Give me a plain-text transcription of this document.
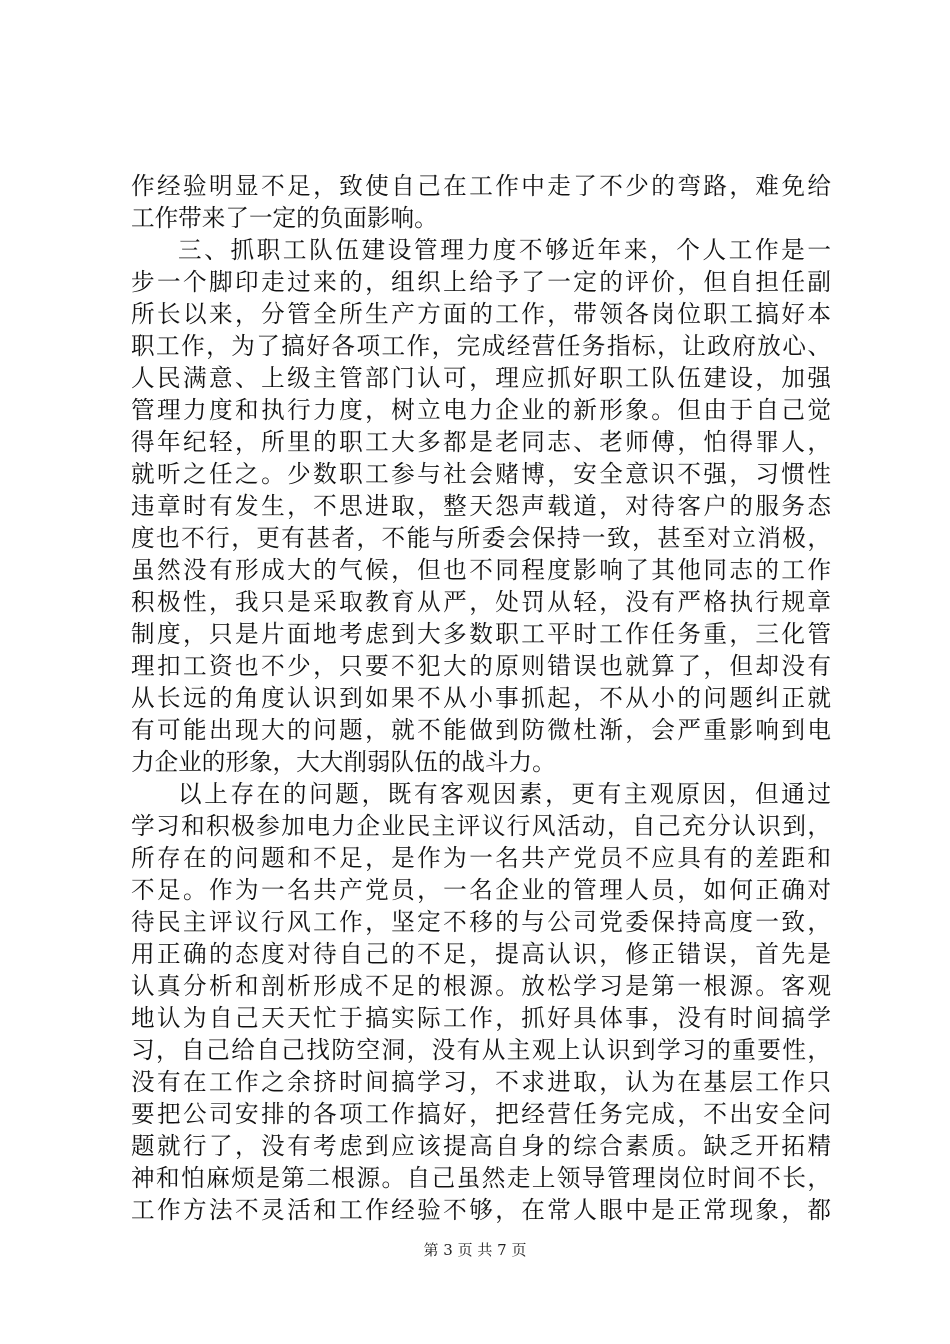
作经验明显不足，致使自己在工作中走了不少的弯路，难免给
工作带来了一定的负面影响。
三、抓职工队伍建设管理力度不够近年来，个人工作是一
步一个脚印走过来的，组织上给予了一定的评价，但自担任副
所长以来，分管全所生产方面的工作，带领各岗位职工搞好本
职工作，为了搞好各项工作，完成经营任务指标，让政府放心、
人民满意、上级主管部门认可，理应抓好职工队伍建设，加强
管理力度和执行力度，树立电力企业的新形象。但由于自己觉
得年纪轻，所里的职工大多都是老同志、老师傅，怕得罪人，
就听之任之。少数职工参与社会赌博，安全意识不强，习惯性
违章时有发生，不思进取，整天怨声载道，对待客户的服务态
度也不行，更有甚者，不能与所委会保持一致，甚至对立消极，
虽然没有形成大的气候，但也不同程度影响了其他同志的工作
积极性，我只是采取教育从严，处罚从轻，没有严格执行规章
制度，只是片面地考虑到大多数职工平时工作任务重，三化管
理扣工资也不少，只要不犯大的原则错误也就算了，但却没有
从长远的角度认识到如果不从小事抓起，不从小的问题纠正就
有可能出现大的问题，就不能做到防微杜渐，会严重影响到电
力企业的形象，大大削弱队伍的战斗力。
以上存在的问题，既有客观因素，更有主观原因，但通过
学习和积极参加电力企业民主评议行风活动，自己充分认识到，
所存在的问题和不足，是作为一名共产党员不应具有的差距和
不足。作为一名共产党员，一名企业的管理人员，如何正确对
待民主评议行风工作，坚定不移的与公司党委保持高度一致，
用正确的态度对待自己的不足，提高认识，修正错误，首先是
认真分析和剖析形成不足的根源。放松学习是第一根源。客观
地认为自己天天忙于搞实际工作，抓好具体事，没有时间搞学
习，自己给自己找防空洞，没有从主观上认识到学习的重要性，
没有在工作之余挤时间搞学习，不求进取，认为在基层工作只
要把公司安排的各项工作搞好，把经营任务完成，不出安全问
题就行了，没有考虑到应该提高自身的综合素质。缺乏开拓精
神和怕麻烦是第二根源。自己虽然走上领导管理岗位时间不长，
工作方法不灵活和工作经验不够，在常人眼中是正常现象，都
第 3 页 共 7 页
